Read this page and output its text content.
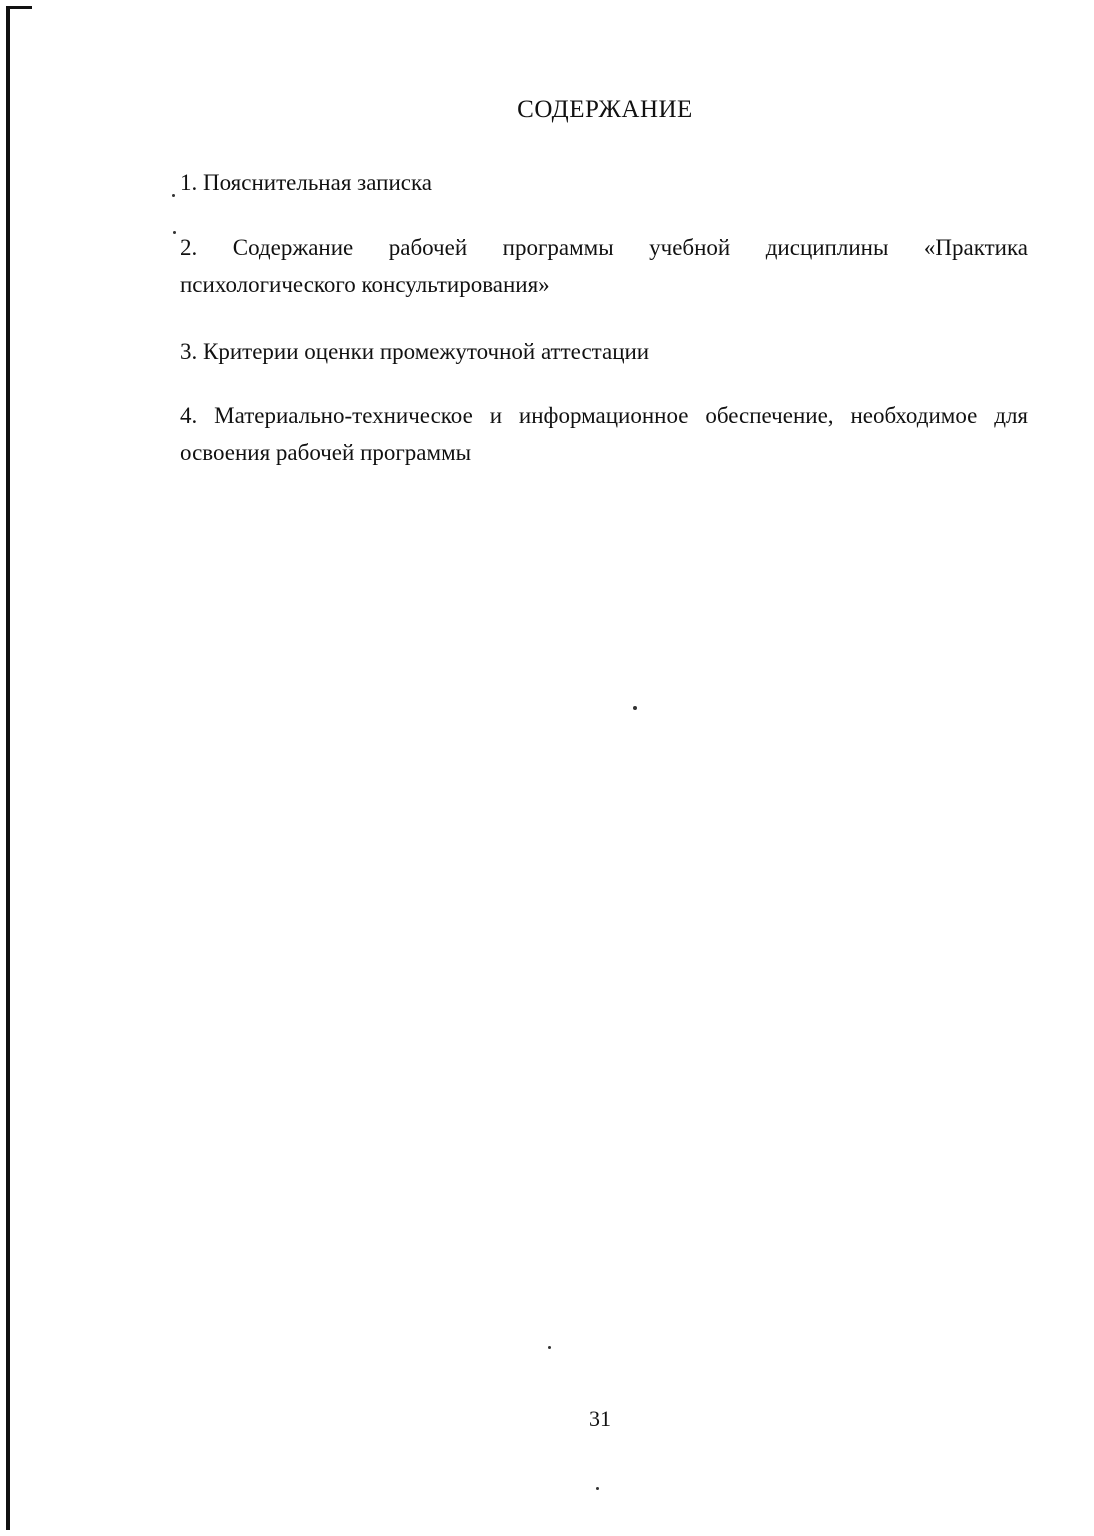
СОДЕРЖАНИЕ
1. Пояснительная записка
2. Содержание рабочей программы учебной дисциплины «Практика психологического консультирования»
3. Критерии оценки промежуточной аттестации
4. Материально-техническое и информационное обеспечение, необходимое для освоения рабочей программы
31
